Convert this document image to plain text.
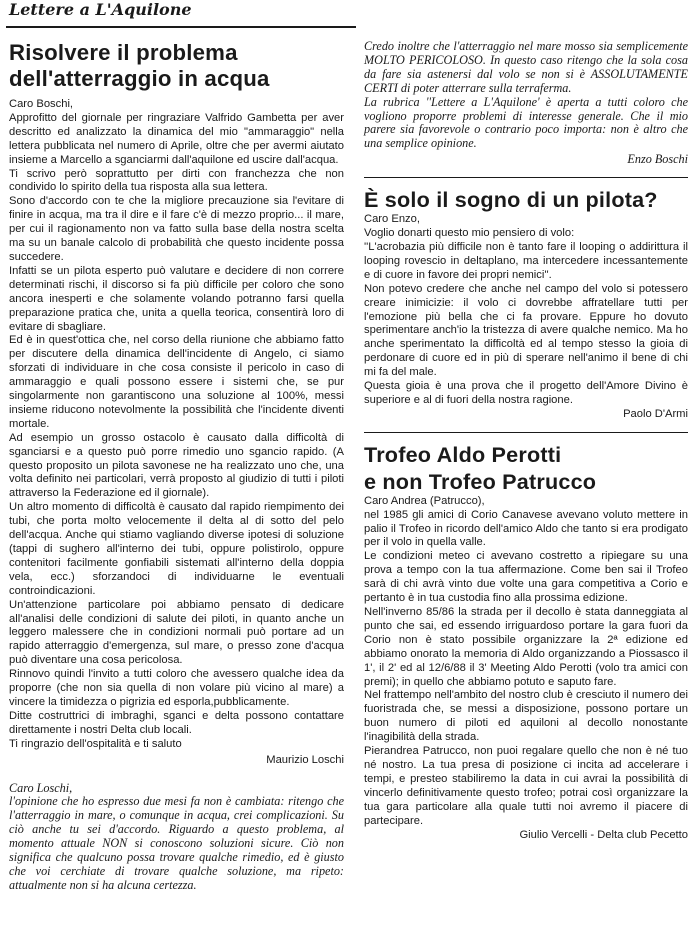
Lettere a L'Aquilone
Risolvere il problema
dell'atterraggio in acqua

Caro Boschi,

Approfitto del giornale per ringraziare Valfrido Gambetta per aver descritto ed analizzato la dinamica del mio "ammaraggio" nella lettera pubblicata nel numero di Aprile, oltre che per avermi aiutato insieme a Marcello a sganciarmi dall'aquilone ed uscire dall'acqua.

Ti scrivo però soprattutto per dirti con franchezza che non condivido lo spirito della tua risposta alla sua lettera.

Sono d'accordo con te che la migliore precauzione sia l'evitare di finire in acqua, ma tra il dire e il fare c'è di mezzo proprio... il mare, per cui il ragionamento non va fatto sulla base della nostra scelta ma su un banale calcolo di probabilità che questo incidente possa succedere.

Infatti se un pilota esperto può valutare e decidere di non correre determinati rischi, il discorso si fa più difficile per coloro che sono ancora inesperti e che solamente volando potranno farsi quella preparazione pratica che, unita a quella teorica, consentirà loro di evitare di sbagliare.

Ed è in quest'ottica che, nel corso della riunione che abbiamo fatto per discutere della dinamica dell'incidente di Angelo, ci siamo sforzati di individuare in che cosa consiste il pericolo in caso di ammaraggio e quali possono essere i sistemi che, se pur singolarmente non garantiscono una soluzione al 100%, messi insieme riducono notevolmente la possibilità che l'incidente diventi mortale.

Ad esempio un grosso ostacolo è causato dalla difficoltà di sganciarsi e a questo può porre rimedio uno sgancio rapido. (A questo proposito un pilota savonese ne ha realizzato uno che, una volta definito nei particolari, verrà proposto al giudizio di tutti i piloti attraverso la Federazione ed il giornale).

Un altro momento di difficoltà è causato dal rapido riempimento dei tubi, che porta molto velocemente il delta al di sotto del pelo dell'acqua. Anche qui stiamo vagliando diverse ipotesi di soluzione (tappi di sughero all'interno dei tubi, oppure polistirolo, oppure contenitori facilmente gonfiabili sistemati all'interno della doppia vela, ecc.) sforzandoci di individuarne le eventuali controindicazioni.

Un'attenzione particolare poi abbiamo pensato di dedicare all'analisi delle condizioni di salute dei piloti, in quanto anche un leggero malessere che in condizioni normali può portare ad un rapido atterraggio d'emergenza, sul mare, o presso zone d'acqua può diventare una cosa pericolosa.

Rinnovo quindi l'invito a tutti coloro che avessero qualche idea da proporre (che non sia quella di non volare più vicino al mare) a vincere la timidezza o pigrizia ed esporla,pubblicamente.

Ditte costruttrici di imbraghi, sganci e delta possono contattare direttamente i nostri Delta club locali.

Ti ringrazio dell'ospitalità e ti saluto

Maurizio Loschi

Caro Loschi,

l'opinione che ho espresso due mesi fa non è cambiata: ritengo che l'atterraggio in mare, o comunque in acqua, crei complicazioni. Su ciò anche tu sei d'accordo. Riguardo a questo problema, al momento attuale NON si conoscono soluzioni sicure. Ciò non significa che qualcuno possa trovare qualche rimedio, ed è giusto che voi cerchiate di trovare qualche soluzione, ma ripeto: attualmente non si ha alcuna certezza.

Credo inoltre che l'atterraggio nel mare mosso sia semplicemente MOLTO PERICOLOSO. In questo caso ritengo che la sola cosa da fare sia astenersi dal volo se non si è ASSOLUTAMENTE CERTI di poter atterrare sulla terraferma.

La rubrica ''Lettere a L'Aquilone' è aperta a tutti coloro che vogliono proporre problemi di interesse generale. Che il mio parere sia favorevole o contrario poco importa: non è altro che una semplice opinione.

Enzo Boschi

È solo il sogno di un pilota?

Caro Enzo,

Voglio donarti questo mio pensiero di volo:

''L'acrobazia più difficile non è tanto fare il looping o addirittura il looping rovescio in deltaplano, ma intercedere incessantemente e di cuore in favore dei propri nemici''.

Non potevo credere che anche nel campo del volo si potessero creare inimicizie: il volo ci dovrebbe affratellare tutti per l'emozione più bella che ci fa provare. Eppure ho dovuto sperimentare anch'io la tristezza di avere qualche nemico. Ma ho anche sperimentato la difficoltà ed al tempo stesso la gioia di perdonare di cuore ed in più di sperare nell'animo il bene di chi mi fa del male.

Questa gioia è una prova che il progetto dell'Amore Divino è superiore e al di fuori della nostra ragione.

Paolo D'Armi

Trofeo Aldo Perotti
e non Trofeo Patrucco

Caro Andrea (Patrucco),

nel 1985 gli amici di Corio Canavese avevano voluto mettere in palio il Trofeo in ricordo dell'amico Aldo che tanto si era prodigato per il volo in quella valle.

Le condizioni meteo ci avevano costretto a ripiegare su una prova a tempo con la tua affermazione. Come ben sai il Trofeo sarà di chi avrà vinto due volte una gara competitiva a Corio e pertanto è in tua custodia fino alla prossima edizione.

Nell'inverno 85/86 la strada per il decollo è stata danneggiata al punto che sai, ed essendo irriguardoso portare la gara fuori da Corio non è stato possibile organizzare la 2ª edizione ed abbiamo onorato la memoria di Aldo organizzando a Piossasco il 1', il 2' ed al 12/6/88 il 3' Meeting Aldo Perotti (volo tra amici con premi); in quello che abbiamo potuto e saputo fare.

Nel frattempo nell'ambito del nostro club è cresciuto il numero dei fuoristrada che, se messi a disposizione, possono portare un buon numero di piloti ed aquiloni al decollo nonostante l'inagibilità della strada.

Pierandrea Patrucco, non puoi regalare quello che non è né tuo né nostro. La tua presa di posizione ci incita ad accelerare i tempi, e presteo stabiliremo la data in cui avrai la possibilità di vincerlo definitivamente questo trofeo; potrai così organizzare la tua gara particolare alla quale tutti noi avremo il piacere di partecipare.

Giulio Vercelli - Delta club Pecetto
